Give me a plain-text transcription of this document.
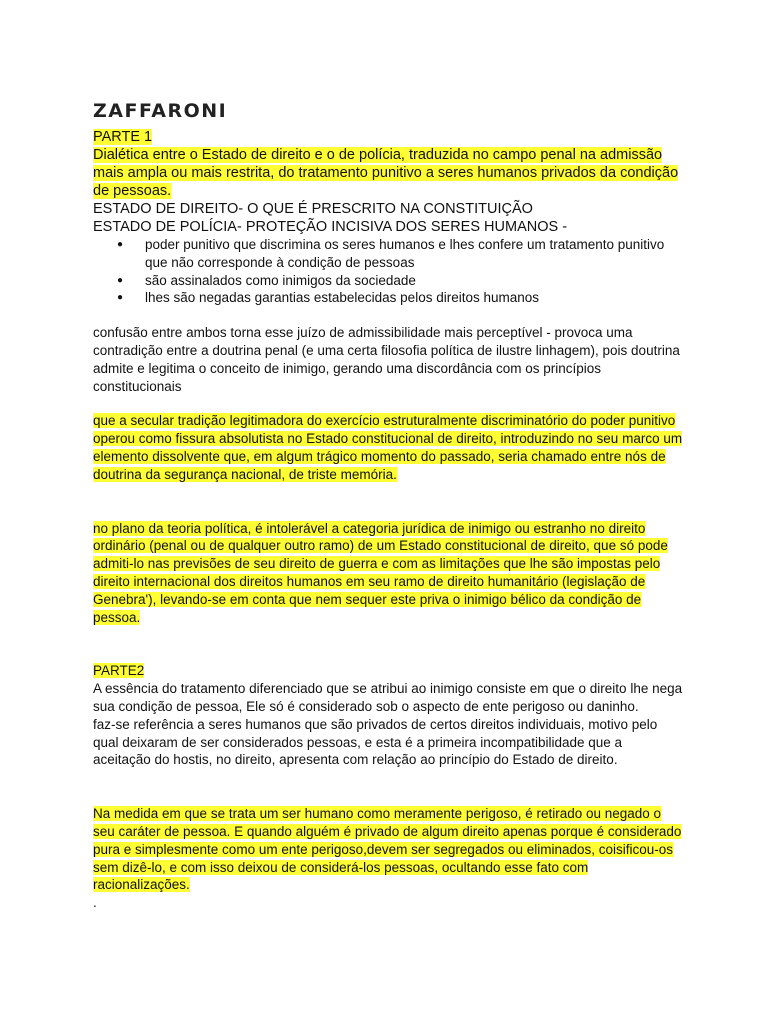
ZAFFARONI

PARTE 1

Dialética entre o Estado de direito e o de polícia, traduzida no campo penal na admissão mais ampla ou mais restrita, do tratamento punitivo a seres humanos privados da condição de pessoas.

ESTADO DE DIREITO- O QUE É PRESCRITO NA CONSTITUIÇÃO

ESTADO DE POLÍCIA- PROTEÇÃO INCISIVA DOS SERES HUMANOS -

● poder punitivo que discrimina os seres humanos e lhes confere um tratamento punitivo que não corresponde à condição de pessoas
● são assinalados como inimigos da sociedade
● lhes são negadas garantias estabelecidas pelos direitos humanos

confusão entre ambos torna esse juízo de admissibilidade mais perceptível - provoca uma contradição entre a doutrina penal (e uma certa filosofia política de ilustre linhagem), pois doutrina admite e legitima o conceito de inimigo, gerando uma discordância com os princípios constitucionais

que a secular tradição legitimadora do exercício estruturalmente discriminatório do poder punitivo operou como fissura absolutista no Estado constitucional de direito, introduzindo no seu marco um elemento dissolvente que, em algum trágico momento do passado, seria chamado entre nós de doutrina da segurança nacional, de triste memória.

no plano da teoria política, é intolerável a categoria jurídica de inimigo ou estranho no direito ordinário (penal ou de qualquer outro ramo) de um Estado constitucional de direito, que só pode admiti-lo nas previsões de seu direito de guerra e com as limitações que lhe são impostas pelo direito internacional dos direitos humanos em seu ramo de direito humanitário (legislação de Genebra'), levando-se em conta que nem sequer este priva o inimigo bélico da condição de pessoa.

PARTE2

A essência do tratamento diferenciado que se atribui ao inimigo consiste em que o direito lhe nega sua condição de pessoa, Ele só é considerado sob o aspecto de ente perigoso ou daninho.

faz-se referência a seres humanos que são privados de certos direitos individuais, motivo pelo qual deixaram de ser considerados pessoas, e esta é a primeira incompatibilidade que a aceitação do hostis, no direito, apresenta com relação ao princípio do Estado de direito.

Na medida em que se trata um ser humano como meramente perigoso, é retirado ou negado o seu caráter de pessoa. E quando alguém é privado de algum direito apenas porque é considerado pura e simplesmente como um ente perigoso,devem ser segregados ou eliminados, coisificou-os sem dizê-lo, e com isso deixou de considerá-los pessoas, ocultando esse fato com racionalizações.

.
